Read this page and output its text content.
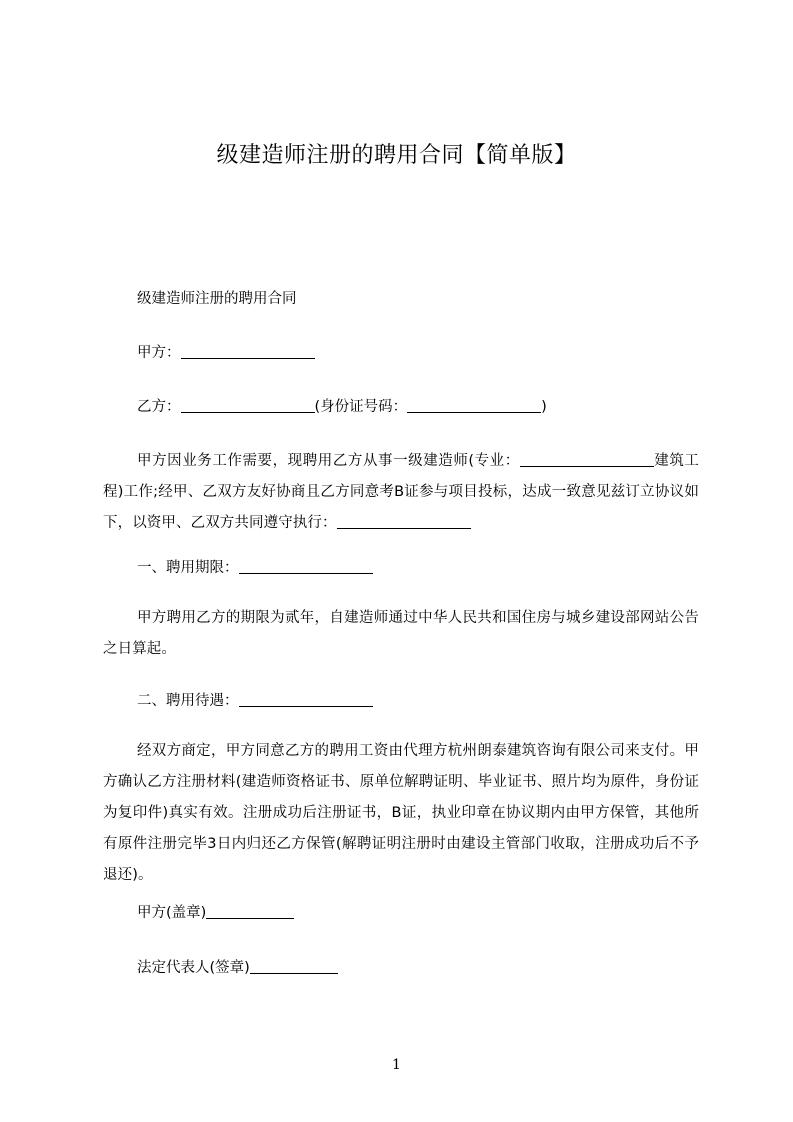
级建造师注册的聘用合同【简单版】
级建造师注册的聘用合同
甲方：
乙方：	(身份证号码：	)
甲方因业务工作需要，现聘用乙方从事一级建造师(专业：	建筑工程)工作;经甲、乙双方友好协商且乙方同意考B证参与项目投标，达成一致意见兹订立协议如下，以资甲、乙双方共同遵守执行：
一、聘用期限：
甲方聘用乙方的期限为贰年，自建造师通过中华人民共和国住房与城乡建设部网站公告之日算起。
二、聘用待遇：
经双方商定，甲方同意乙方的聘用工资由代理方杭州朗泰建筑咨询有限公司来支付。甲方确认乙方注册材料(建造师资格证书、原单位解聘证明、毕业证书、照片均为原件，身份证为复印件)真实有效。注册成功后注册证书，B证，执业印章在协议期内由甲方保管，其他所有原件注册完毕3日内归还乙方保管(解聘证明注册时由建设主管部门收取，注册成功后不予退还)。
甲方(盖章)
法定代表人(签章)
1
